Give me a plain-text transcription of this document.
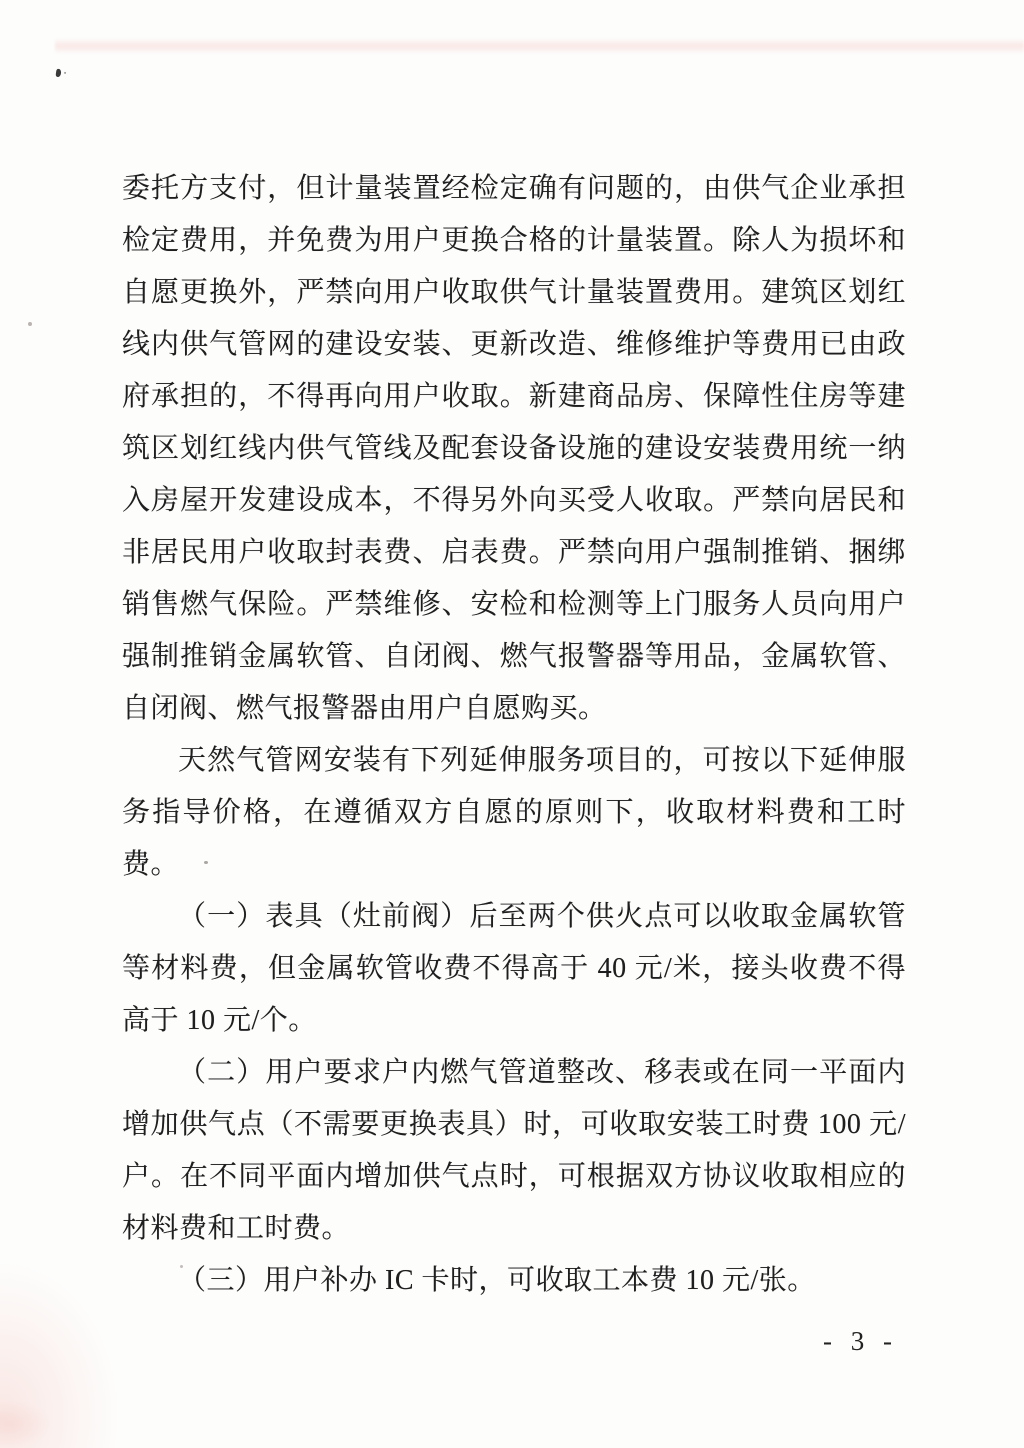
委托方支付，但计量装置经检定确有问题的，由供气企业承担检定费用，并免费为用户更换合格的计量装置。除人为损坏和自愿更换外，严禁向用户收取供气计量装置费用。建筑区划红线内供气管网的建设安装、更新改造、维修维护等费用已由政府承担的，不得再向用户收取。新建商品房、保障性住房等建筑区划红线内供气管线及配套设备设施的建设安装费用统一纳入房屋开发建设成本，不得另外向买受人收取。严禁向居民和非居民用户收取封表费、启表费。严禁向用户强制推销、捆绑销售燃气保险。严禁维修、安检和检测等上门服务人员向用户强制推销金属软管、自闭阀、燃气报警器等用品，金属软管、自闭阀、燃气报警器由用户自愿购买。

天然气管网安装有下列延伸服务项目的，可按以下延伸服务指导价格，在遵循双方自愿的原则下，收取材料费和工时费。

（一）表具（灶前阀）后至两个供火点可以收取金属软管等材料费，但金属软管收费不得高于 40 元/米，接头收费不得高于 10 元/个。

（二）用户要求户内燃气管道整改、移表或在同一平面内增加供气点（不需要更换表具）时，可收取安装工时费 100 元/户。在不同平面内增加供气点时，可根据双方协议收取相应的材料费和工时费。

（三）用户补办 IC 卡时，可收取工本费 10 元/张。

- 3 -
